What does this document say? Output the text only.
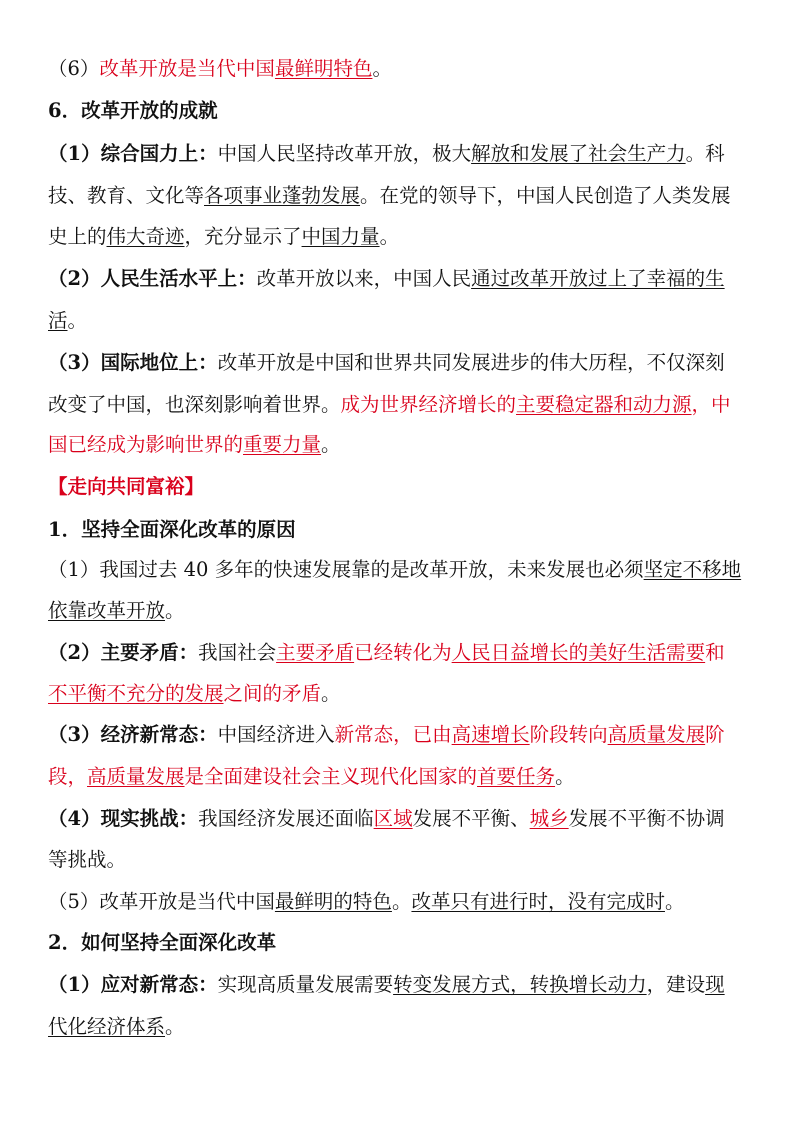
（6）改革开放是当代中国最鲜明特色。
6．改革开放的成就
（1）综合国力上：中国人民坚持改革开放，极大解放和发展了社会生产力。科
技、教育、文化等各项事业蓬勃发展。在党的领导下，中国人民创造了人类发展
史上的伟大奇迹，充分显示了中国力量。
（2）人民生活水平上：改革开放以来，中国人民通过改革开放过上了幸福的生
活。
（3）国际地位上：改革开放是中国和世界共同发展进步的伟大历程，不仅深刻
改变了中国，也深刻影响着世界。成为世界经济增长的主要稳定器和动力源，中
国已经成为影响世界的重要力量。
【走向共同富裕】
1．坚持全面深化改革的原因
（1）我国过去 40 多年的快速发展靠的是改革开放，未来发展也必须坚定不移地
依靠改革开放。
（2）主要矛盾：我国社会主要矛盾已经转化为人民日益增长的美好生活需要和
不平衡不充分的发展之间的矛盾。
（3）经济新常态：中国经济进入新常态，已由高速增长阶段转向高质量发展阶
段，高质量发展是全面建设社会主义现代化国家的首要任务。
（4）现实挑战：我国经济发展还面临区域发展不平衡、城乡发展不平衡不协调
等挑战。
（5）改革开放是当代中国最鲜明的特色。改革只有进行时，没有完成时。
2．如何坚持全面深化改革
（1）应对新常态：实现高质量发展需要转变发展方式，转换增长动力，建设现
代化经济体系。
